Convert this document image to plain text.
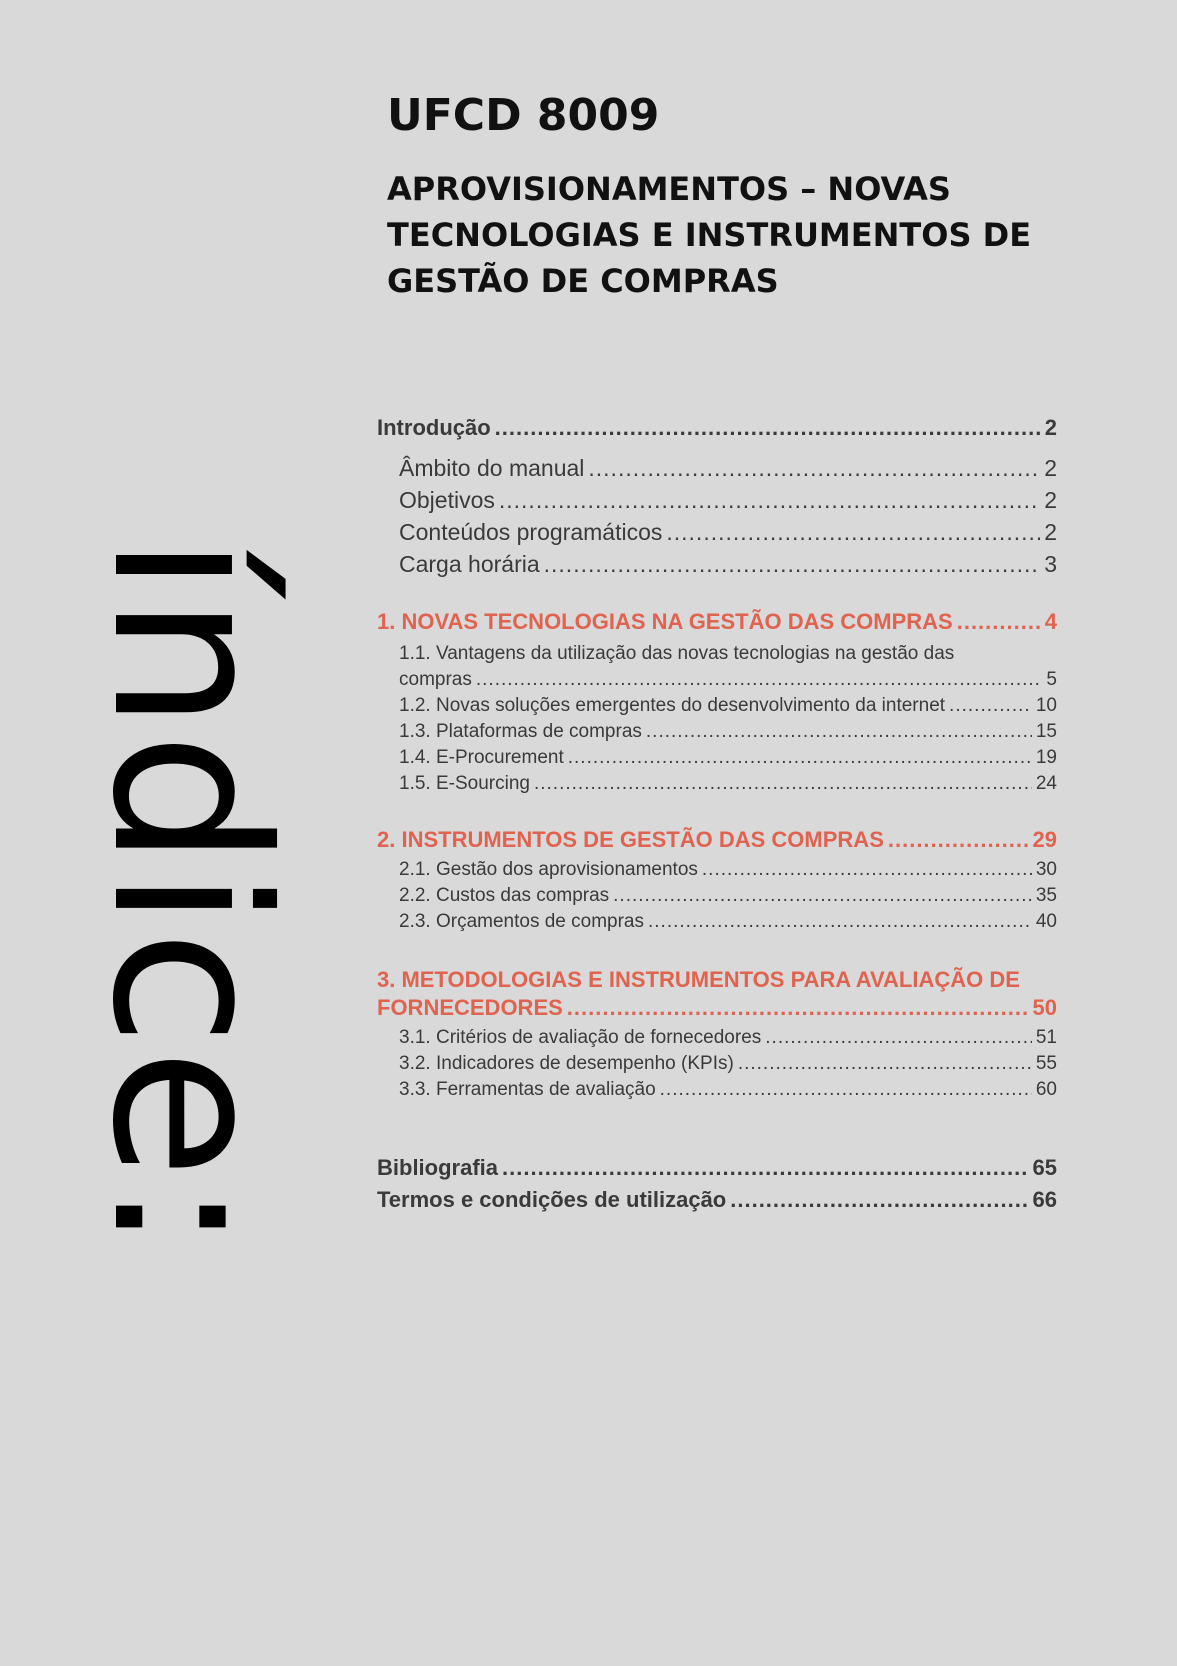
índice:
UFCD 8009
APROVISIONAMENTOS – NOVAS
TECNOLOGIAS E INSTRUMENTOS DE
GESTÃO DE COMPRAS
Introdução .....	2
Âmbito do manual .....	2
Objetivos .....	2
Conteúdos programáticos .....	2
Carga horária .....	3
1. NOVAS TECNOLOGIAS NA GESTÃO DAS COMPRAS .....	4
1.1. Vantagens da utilização das novas tecnologias na gestão das
compras .....	5
1.2. Novas soluções emergentes do desenvolvimento da internet .....	10
1.3. Plataformas de compras .....	15
1.4. E-Procurement .....	19
1.5. E-Sourcing .....	24
2. INSTRUMENTOS DE GESTÃO DAS COMPRAS .....	29
2.1. Gestão dos aprovisionamentos .....	30
2.2. Custos das compras .....	35
2.3. Orçamentos de compras .....	40
3. METODOLOGIAS E INSTRUMENTOS PARA AVALIAÇÃO DE
FORNECEDORES .....	50
3.1. Critérios de avaliação de fornecedores .....	51
3.2. Indicadores de desempenho (KPIs) .....	55
3.3. Ferramentas de avaliação .....	60
Bibliografia .....	65
Termos e condições de utilização .....	66
